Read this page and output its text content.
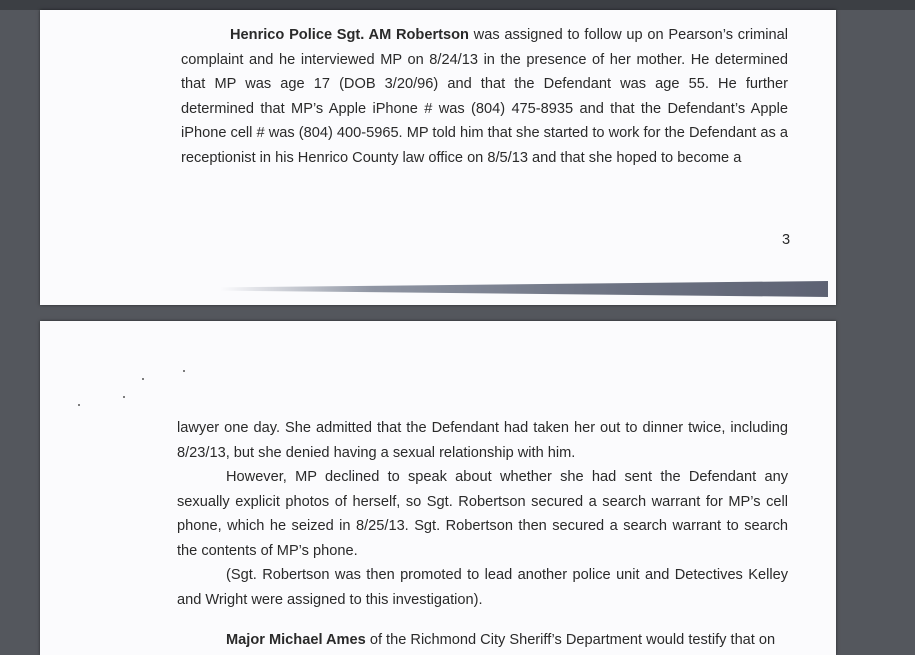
Henrico Police Sgt. AM Robertson was assigned to follow up on Pearson’s criminal complaint and he interviewed MP on 8/24/13 in the presence of her mother. He determined that MP was age 17 (DOB 3/20/96) and that the Defendant was age 55. He further determined that MP’s Apple iPhone # was (804) 475-8935 and that the Defendant’s Apple iPhone cell # was (804) 400-5965. MP told him that she started to work for the Defendant as a receptionist in his Henrico County law office on 8/5/13 and that she hoped to become a

3

lawyer one day. She admitted that the Defendant had taken her out to dinner twice, including 8/23/13, but she denied having a sexual relationship with him.

However, MP declined to speak about whether she had sent the Defendant any sexually explicit photos of herself, so Sgt. Robertson secured a search warrant for MP’s cell phone, which he seized in 8/25/13. Sgt. Robertson then secured a search warrant to search the contents of MP’s phone.

(Sgt. Robertson was then promoted to lead another police unit and Detectives Kelley and Wright were assigned to this investigation).

Major Michael Ames of the Richmond City Sheriff’s Department would testify that on
